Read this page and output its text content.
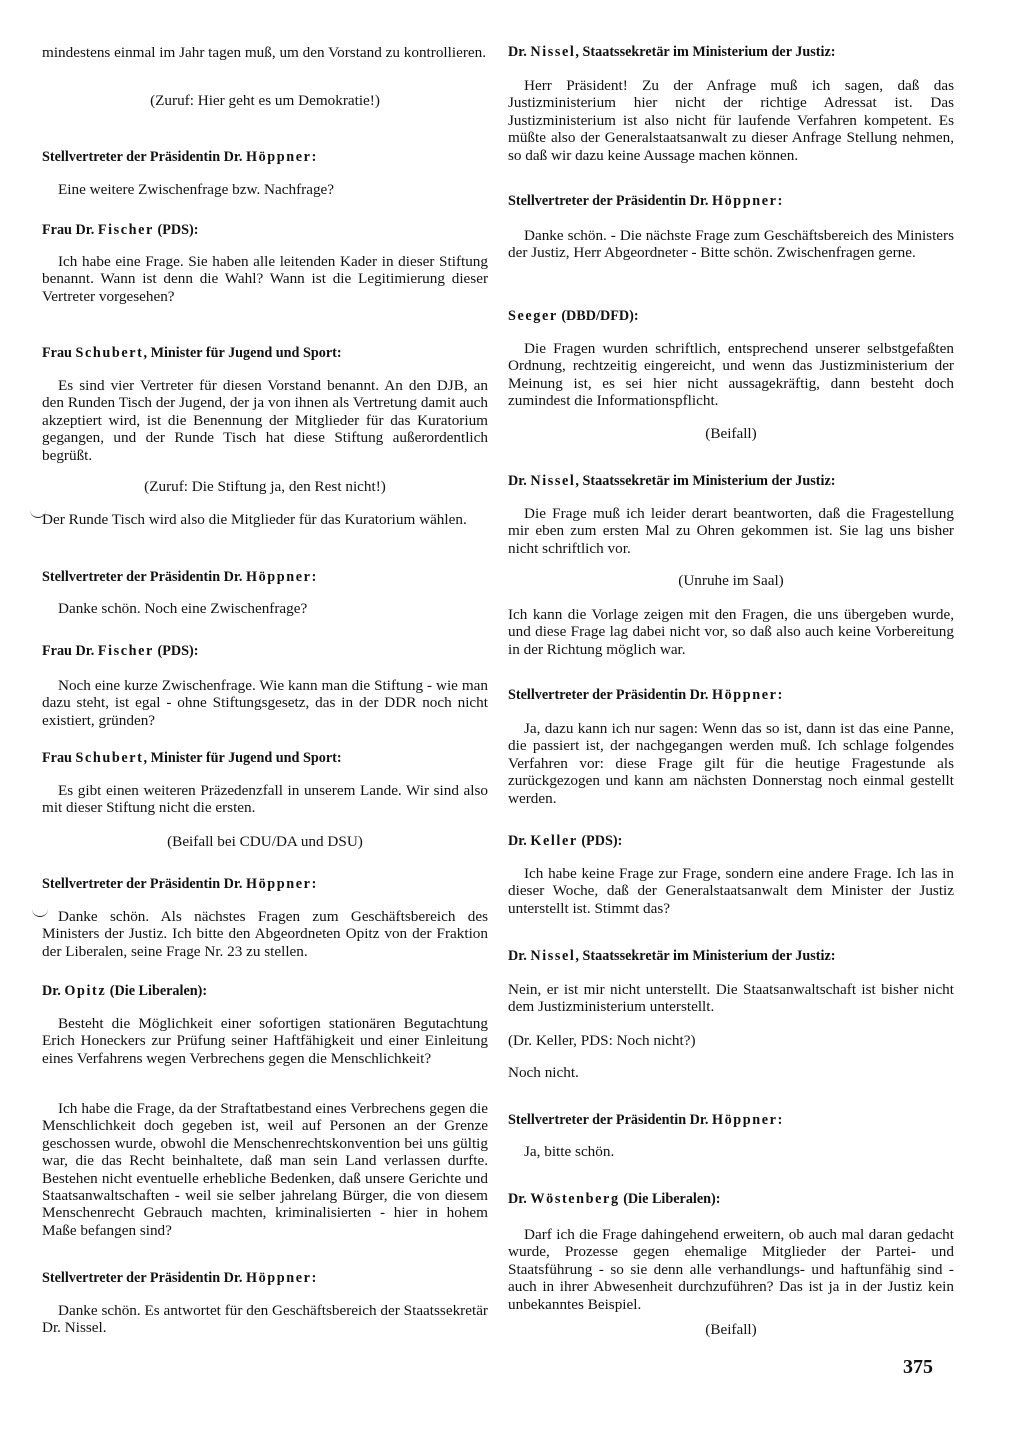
mindestens einmal im Jahr tagen muß, um den Vorstand zu kontrollieren.

(Zuruf: Hier geht es um Demokratie!)

Stellvertreter der Präsidentin Dr. Höppner:

Eine weitere Zwischenfrage bzw. Nachfrage?

Frau Dr. Fischer (PDS):

Ich habe eine Frage. Sie haben alle leitenden Kader in dieser Stiftung benannt. Wann ist denn die Wahl? Wann ist die Legitimierung dieser Vertreter vorgesehen?

Frau Schubert, Minister für Jugend und Sport:

Es sind vier Vertreter für diesen Vorstand benannt. An den DJB, an den Runden Tisch der Jugend, der ja von ihnen als Vertretung damit auch akzeptiert wird, ist die Benennung der Mitglieder für das Kuratorium gegangen, und der Runde Tisch hat diese Stiftung außerordentlich begrüßt.

(Zuruf: Die Stiftung ja, den Rest nicht!)

Der Runde Tisch wird also die Mitglieder für das Kuratorium wählen.

Stellvertreter der Präsidentin Dr. Höppner:

Danke schön. Noch eine Zwischenfrage?

Frau Dr. Fischer (PDS):

Noch eine kurze Zwischenfrage. Wie kann man die Stiftung - wie man dazu steht, ist egal - ohne Stiftungsgesetz, das in der DDR noch nicht existiert, gründen?

Frau Schubert, Minister für Jugend und Sport:

Es gibt einen weiteren Präzedenzfall in unserem Lande. Wir sind also mit dieser Stiftung nicht die ersten.

(Beifall bei CDU/DA und DSU)

Stellvertreter der Präsidentin Dr. Höppner:

Danke schön. Als nächstes Fragen zum Geschäftsbereich des Ministers der Justiz. Ich bitte den Abgeordneten Opitz von der Fraktion der Liberalen, seine Frage Nr. 23 zu stellen.

Dr. Opitz (Die Liberalen):

Besteht die Möglichkeit einer sofortigen stationären Begutachtung Erich Honeckers zur Prüfung seiner Haftfähigkeit und einer Einleitung eines Verfahrens wegen Verbrechens gegen die Menschlichkeit?

Ich habe die Frage, da der Straftatbestand eines Verbrechens gegen die Menschlichkeit doch gegeben ist, weil auf Personen an der Grenze geschossen wurde, obwohl die Menschenrechtskonvention bei uns gültig war, die das Recht beinhaltete, daß man sein Land verlassen durfte. Bestehen nicht eventuelle erhebliche Bedenken, daß unsere Gerichte und Staatsanwaltschaften - weil sie selber jahrelang Bürger, die von diesem Menschenrecht Gebrauch machten, kriminalisierten - hier in hohem Maße befangen sind?

Stellvertreter der Präsidentin Dr. Höppner:

Danke schön. Es antwortet für den Geschäftsbereich der Staatssekretär Dr. Nissel.

Dr. Nissel, Staatssekretär im Ministerium der Justiz:

Herr Präsident! Zu der Anfrage muß ich sagen, daß das Justizministerium hier nicht der richtige Adressat ist. Das Justizministerium ist also nicht für laufende Verfahren kompetent. Es müßte also der Generalstaatsanwalt zu dieser Anfrage Stellung nehmen, so daß wir dazu keine Aussage machen können.

Stellvertreter der Präsidentin Dr. Höppner:

Danke schön. - Die nächste Frage zum Geschäftsbereich des Ministers der Justiz, Herr Abgeordneter - Bitte schön. Zwischenfragen gerne.

Seeger (DBD/DFD):

Die Fragen wurden schriftlich, entsprechend unserer selbstgefaßten Ordnung, rechtzeitig eingereicht, und wenn das Justizministerium der Meinung ist, es sei hier nicht aussagekräftig, dann besteht doch zumindest die Informationspflicht.

(Beifall)

Dr. Nissel, Staatssekretär im Ministerium der Justiz:

Die Frage muß ich leider derart beantworten, daß die Fragestellung mir eben zum ersten Mal zu Ohren gekommen ist. Sie lag uns bisher nicht schriftlich vor.

(Unruhe im Saal)

Ich kann die Vorlage zeigen mit den Fragen, die uns übergeben wurde, und diese Frage lag dabei nicht vor, so daß also auch keine Vorbereitung in der Richtung möglich war.

Stellvertreter der Präsidentin Dr. Höppner:

Ja, dazu kann ich nur sagen: Wenn das so ist, dann ist das eine Panne, die passiert ist, der nachgegangen werden muß. Ich schlage folgendes Verfahren vor: diese Frage gilt für die heutige Fragestunde als zurückgezogen und kann am nächsten Donnerstag noch einmal gestellt werden.

Dr. Keller (PDS):

Ich habe keine Frage zur Frage, sondern eine andere Frage. Ich las in dieser Woche, daß der Generalstaatsanwalt dem Minister der Justiz unterstellt ist. Stimmt das?

Dr. Nissel, Staatssekretär im Ministerium der Justiz:

Nein, er ist mir nicht unterstellt. Die Staatsanwaltschaft ist bisher nicht dem Justizministerium unterstellt.

(Dr. Keller, PDS: Noch nicht?)

Noch nicht.

Stellvertreter der Präsidentin Dr. Höppner:

Ja, bitte schön.

Dr. Wöstenberg (Die Liberalen):

Darf ich die Frage dahingehend erweitern, ob auch mal daran gedacht wurde, Prozesse gegen ehemalige Mitglieder der Partei- und Staatsführung - so sie denn alle verhandlungs- und haftunfähig sind - auch in ihrer Abwesenheit durchzuführen? Das ist ja in der Justiz kein unbekanntes Beispiel.

(Beifall)

375
